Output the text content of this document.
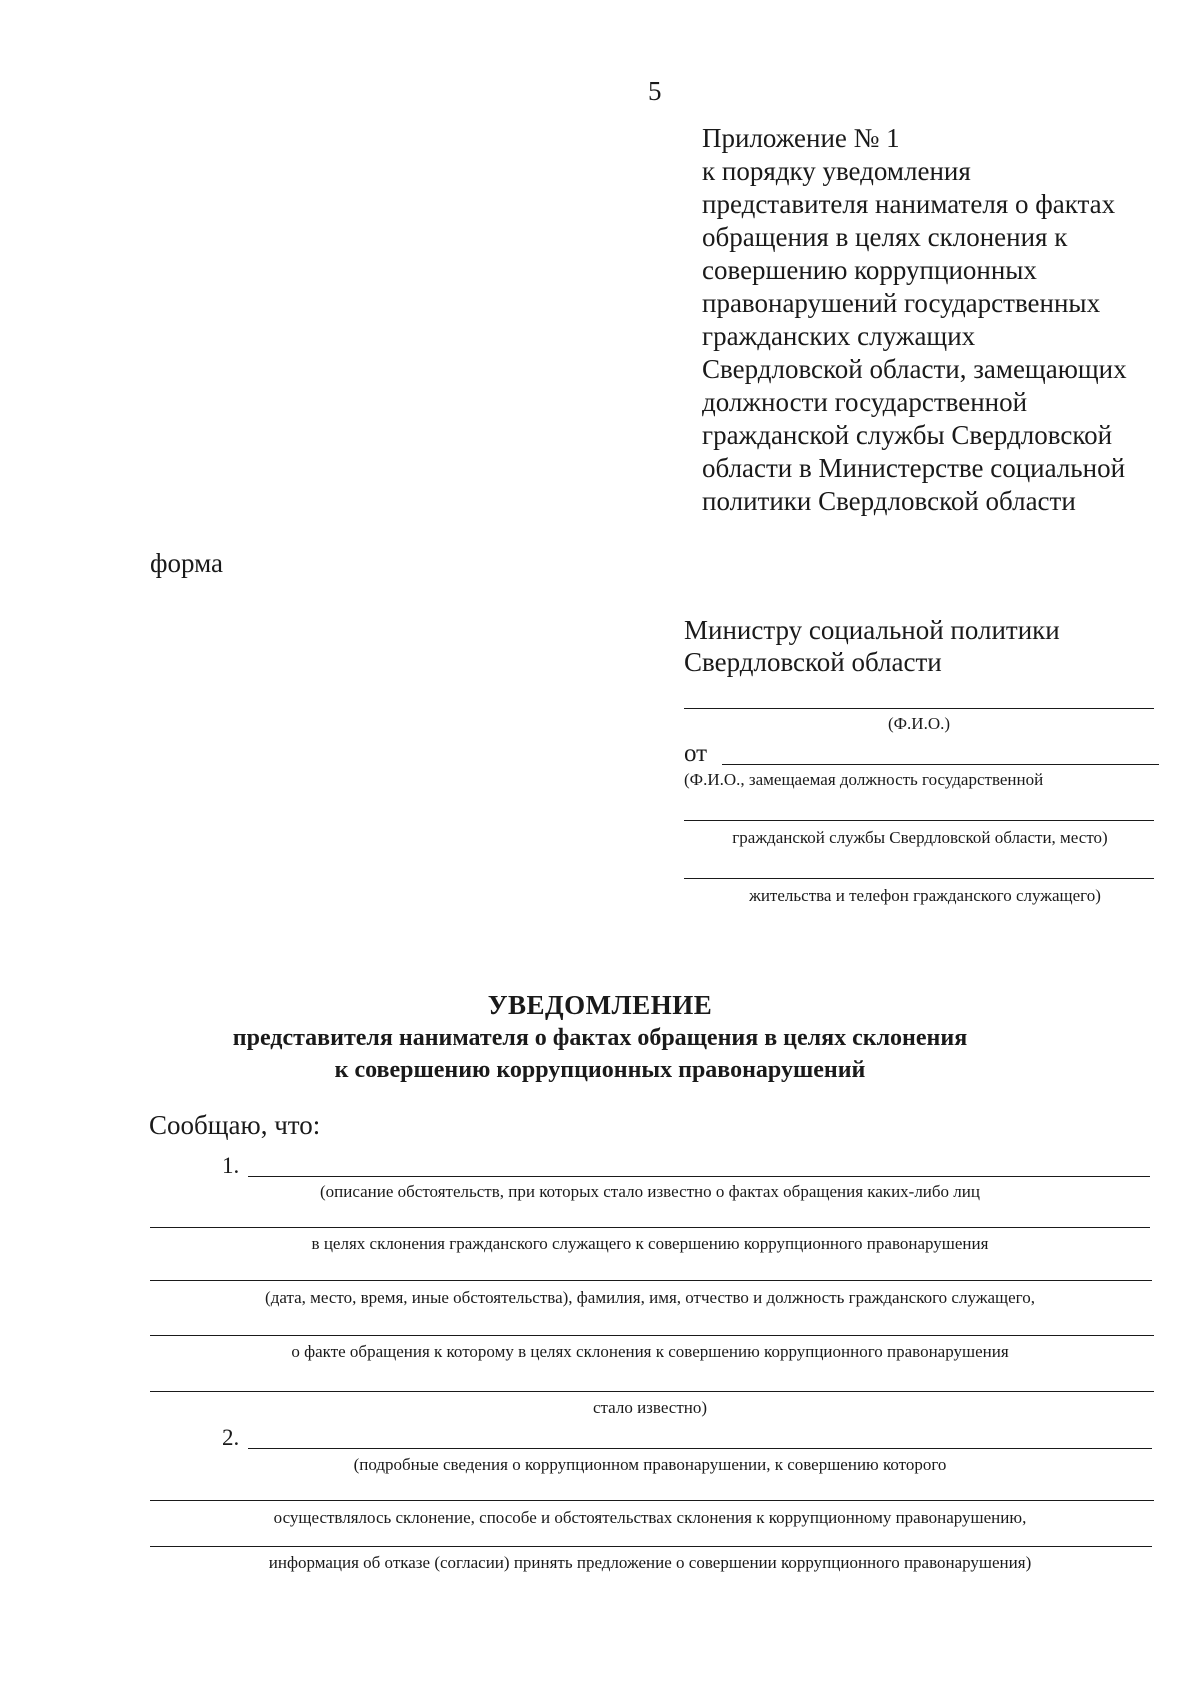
5
Приложение № 1
к порядку уведомления
представителя нанимателя о фактах
обращения в целях склонения к
совершению коррупционных
правонарушений государственных
гражданских служащих
Свердловской области, замещающих
должности государственной
гражданской службы Свердловской
области в Министерстве социальной
политики Свердловской области
форма
Министру социальной политики
Свердловской области
(Ф.И.О.)
от
(Ф.И.О., замещаемая должность государственной
гражданской службы Свердловской области, место)
жительства и телефон гражданского служащего)
УВЕДОМЛЕНИЕ
представителя нанимателя о фактах обращения в целях склонения
к совершению коррупционных правонарушений
Сообщаю, что:
1.
(описание обстоятельств, при которых стало известно о фактах обращения каких-либо лиц
в целях склонения гражданского служащего к совершению коррупционного правонарушения
(дата, место, время, иные обстоятельства), фамилия, имя, отчество и должность гражданского служащего,
о факте обращения к которому в целях склонения к совершению коррупционного правонарушения
стало известно)
2.
(подробные сведения о коррупционном правонарушении, к совершению которого
осуществлялось склонение, способе и обстоятельствах склонения к коррупционному правонарушению,
информация об отказе (согласии) принять предложение о совершении коррупционного правонарушения)
